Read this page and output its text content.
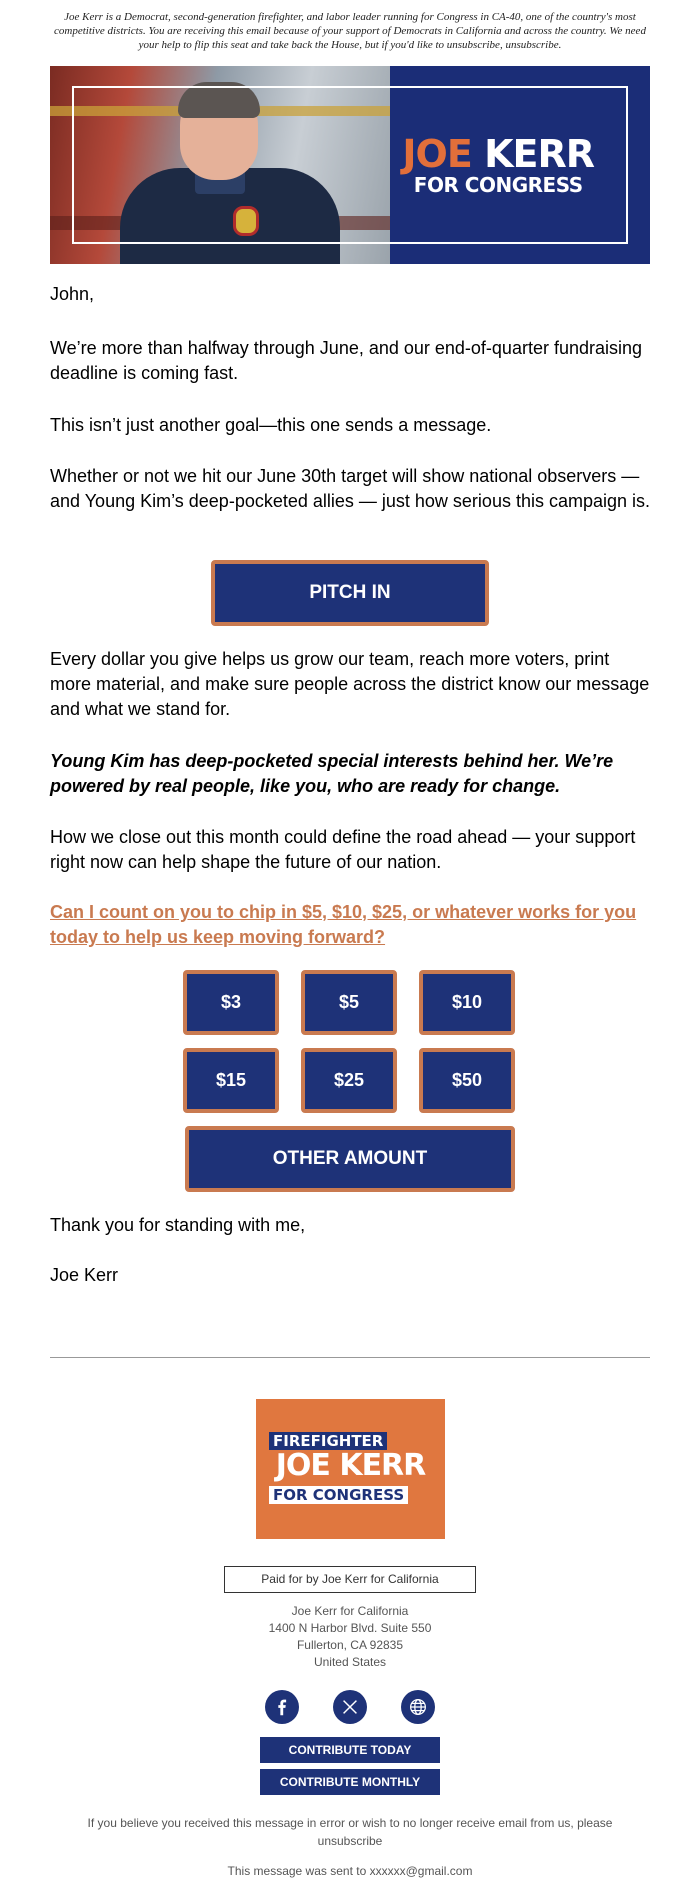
Joe Kerr is a Democrat, second-generation firefighter, and labor leader running for Congress in CA-40, one of the country's most competitive districts. You are receiving this email because of your support of Democrats in California and across the country. We need your help to flip this seat and take back the House, but if you'd like to unsubscribe, unsubscribe.
JOE KERR
FOR CONGRESS
John,
We’re more than halfway through June, and our end-of-quarter fundraising deadline is coming fast.
This isn’t just another goal—this one sends a message.
Whether or not we hit our June 30th target will show national observers — and Young Kim’s deep-pocketed allies — just how serious this campaign is.
PITCH IN
Every dollar you give helps us grow our team, reach more voters, print more material, and make sure people across the district know our message and what we stand for.
Young Kim has deep-pocketed special interests behind her. We’re powered by real people, like you, who are ready for change.
How we close out this month could define the road ahead — your support right now can help shape the future of our nation.
Can I count on you to chip in $5, $10, $25, or whatever works for you today to help us keep moving forward?
$3	$5	$10
$15	$25	$50
OTHER AMOUNT
Thank you for standing with me,
Joe Kerr
FIREFIGHTER
JOE KERR
FOR CONGRESS
Paid for by Joe Kerr for California
Joe Kerr for California
1400 N Harbor Blvd. Suite 550
Fullerton, CA 92835
United States
CONTRIBUTE TODAY
CONTRIBUTE MONTHLY
If you believe you received this message in error or wish to no longer receive email from us, please unsubscribe
This message was sent to xxxxxx@gmail.com
